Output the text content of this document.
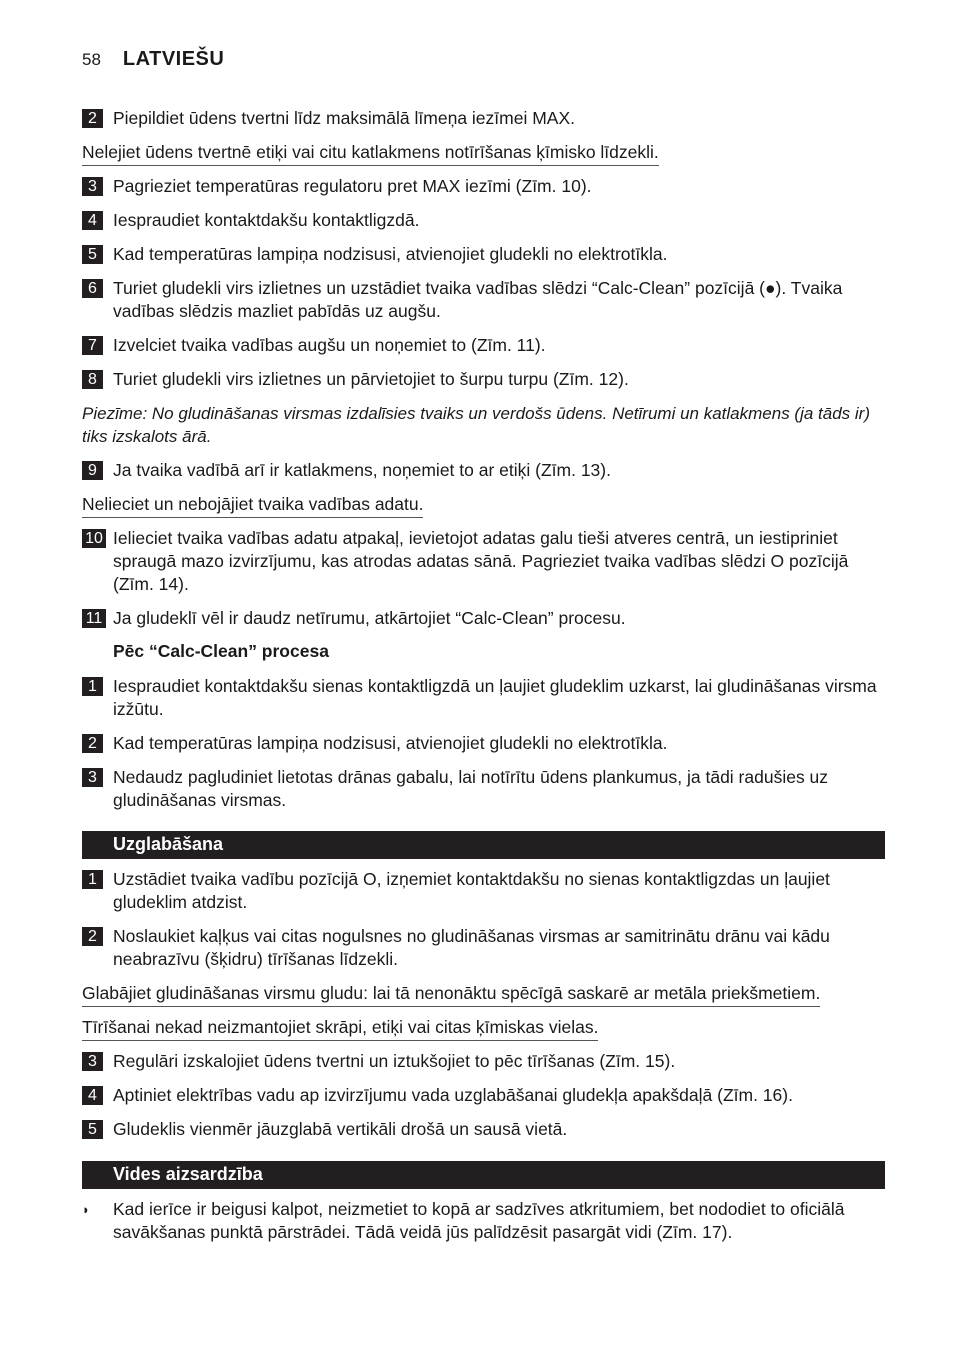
58 LATVIEŠU
2 Piepildiet ūdens tvertni līdz maksimālā līmeņa iezīmei MAX.
Nelejiet ūdens tvertnē etiķi vai citu katlakmens notīrīšanas ķīmisko līdzekli.
3 Pagrieziet temperatūras regulatoru pret MAX iezīmi (Zīm. 10).
4 Iespraudiet kontaktdakšu kontaktligzdā.
5 Kad temperatūras lampiņa nodzisusi, atvienojiet gludekli no elektrotīkla.
6 Turiet gludekli virs izlietnes un uzstādiet tvaika vadības slēdzi “Calc-Clean” pozīcijā (●). Tvaika vadības slēdzis mazliet pabīdās uz augšu.
7 Izvelciet tvaika vadības augšu un noņemiet to (Zīm. 11).
8 Turiet gludekli virs izlietnes un pārvietojiet to šurpu turpu (Zīm. 12).
Piezīme: No gludināšanas virsmas izdalīsies tvaiks un verdošs ūdens. Netīrumi un katlakmens (ja tāds ir) tiks izskalots ārā.
9 Ja tvaika vadībā arī ir katlakmens, noņemiet to ar etiķi (Zīm. 13).
Nelieciet un nebojājiet tvaika vadības adatu.
10 Ielieciet tvaika vadības adatu atpakaļ, ievietojot adatas galu tieši atveres centrā, un iestipriniet spraugā mazo izvirzījumu, kas atrodas adatas sānā. Pagrieziet tvaika vadības slēdzi O pozīcijā (Zīm. 14).
11 Ja gludeklī vēl ir daudz netīrumu, atkārtojiet “Calc-Clean” procesu.
Pēc “Calc-Clean” procesa
1 Iespraudiet kontaktdakšu sienas kontaktligzdā un ļaujiet gludeklim uzkarst, lai gludināšanas virsma izžūtu.
2 Kad temperatūras lampiņa nodzisusi, atvienojiet gludekli no elektrotīkla.
3 Nedaudz pagludiniet lietotas drānas gabalu, lai notīrītu ūdens plankumus, ja tādi radušies uz gludināšanas virsmas.
Uzglabāšana
1 Uzstādiet tvaika vadību pozīcijā O, izņemiet kontaktdakšu no sienas kontaktligzdas un ļaujiet gludeklim atdzist.
2 Noslaukiet kaļķus vai citas nogulsnes no gludināšanas virsmas ar samitrinātu drānu vai kādu neabrazīvu (šķidru) tīrīšanas līdzekli.
Glabājiet gludināšanas virsmu gludu: lai tā nenonāktu spēcīgā saskarē ar metāla priekšmetiem.
Tīrīšanai nekad neizmantojiet skrāpi, etiķi vai citas ķīmiskas vielas.
3 Regulāri izskalojiet ūdens tvertni un iztukšojiet to pēc tīrīšanas (Zīm. 15).
4 Aptiniet elektrības vadu ap izvirzījumu vada uzglabāšanai gludekļa apakšdaļā (Zīm. 16).
5 Gludeklis vienmēr jāuzglabā vertikāli drošā un sausā vietā.
Vides aizsardzība
◗ Kad ierīce ir beigusi kalpot, neizmetiet to kopā ar sadzīves atkritumiem, bet nododiet to oficiālā savākšanas punktā pārstrādei. Tādā veidā jūs palīdzēsit pasargāt vidi (Zīm. 17).
